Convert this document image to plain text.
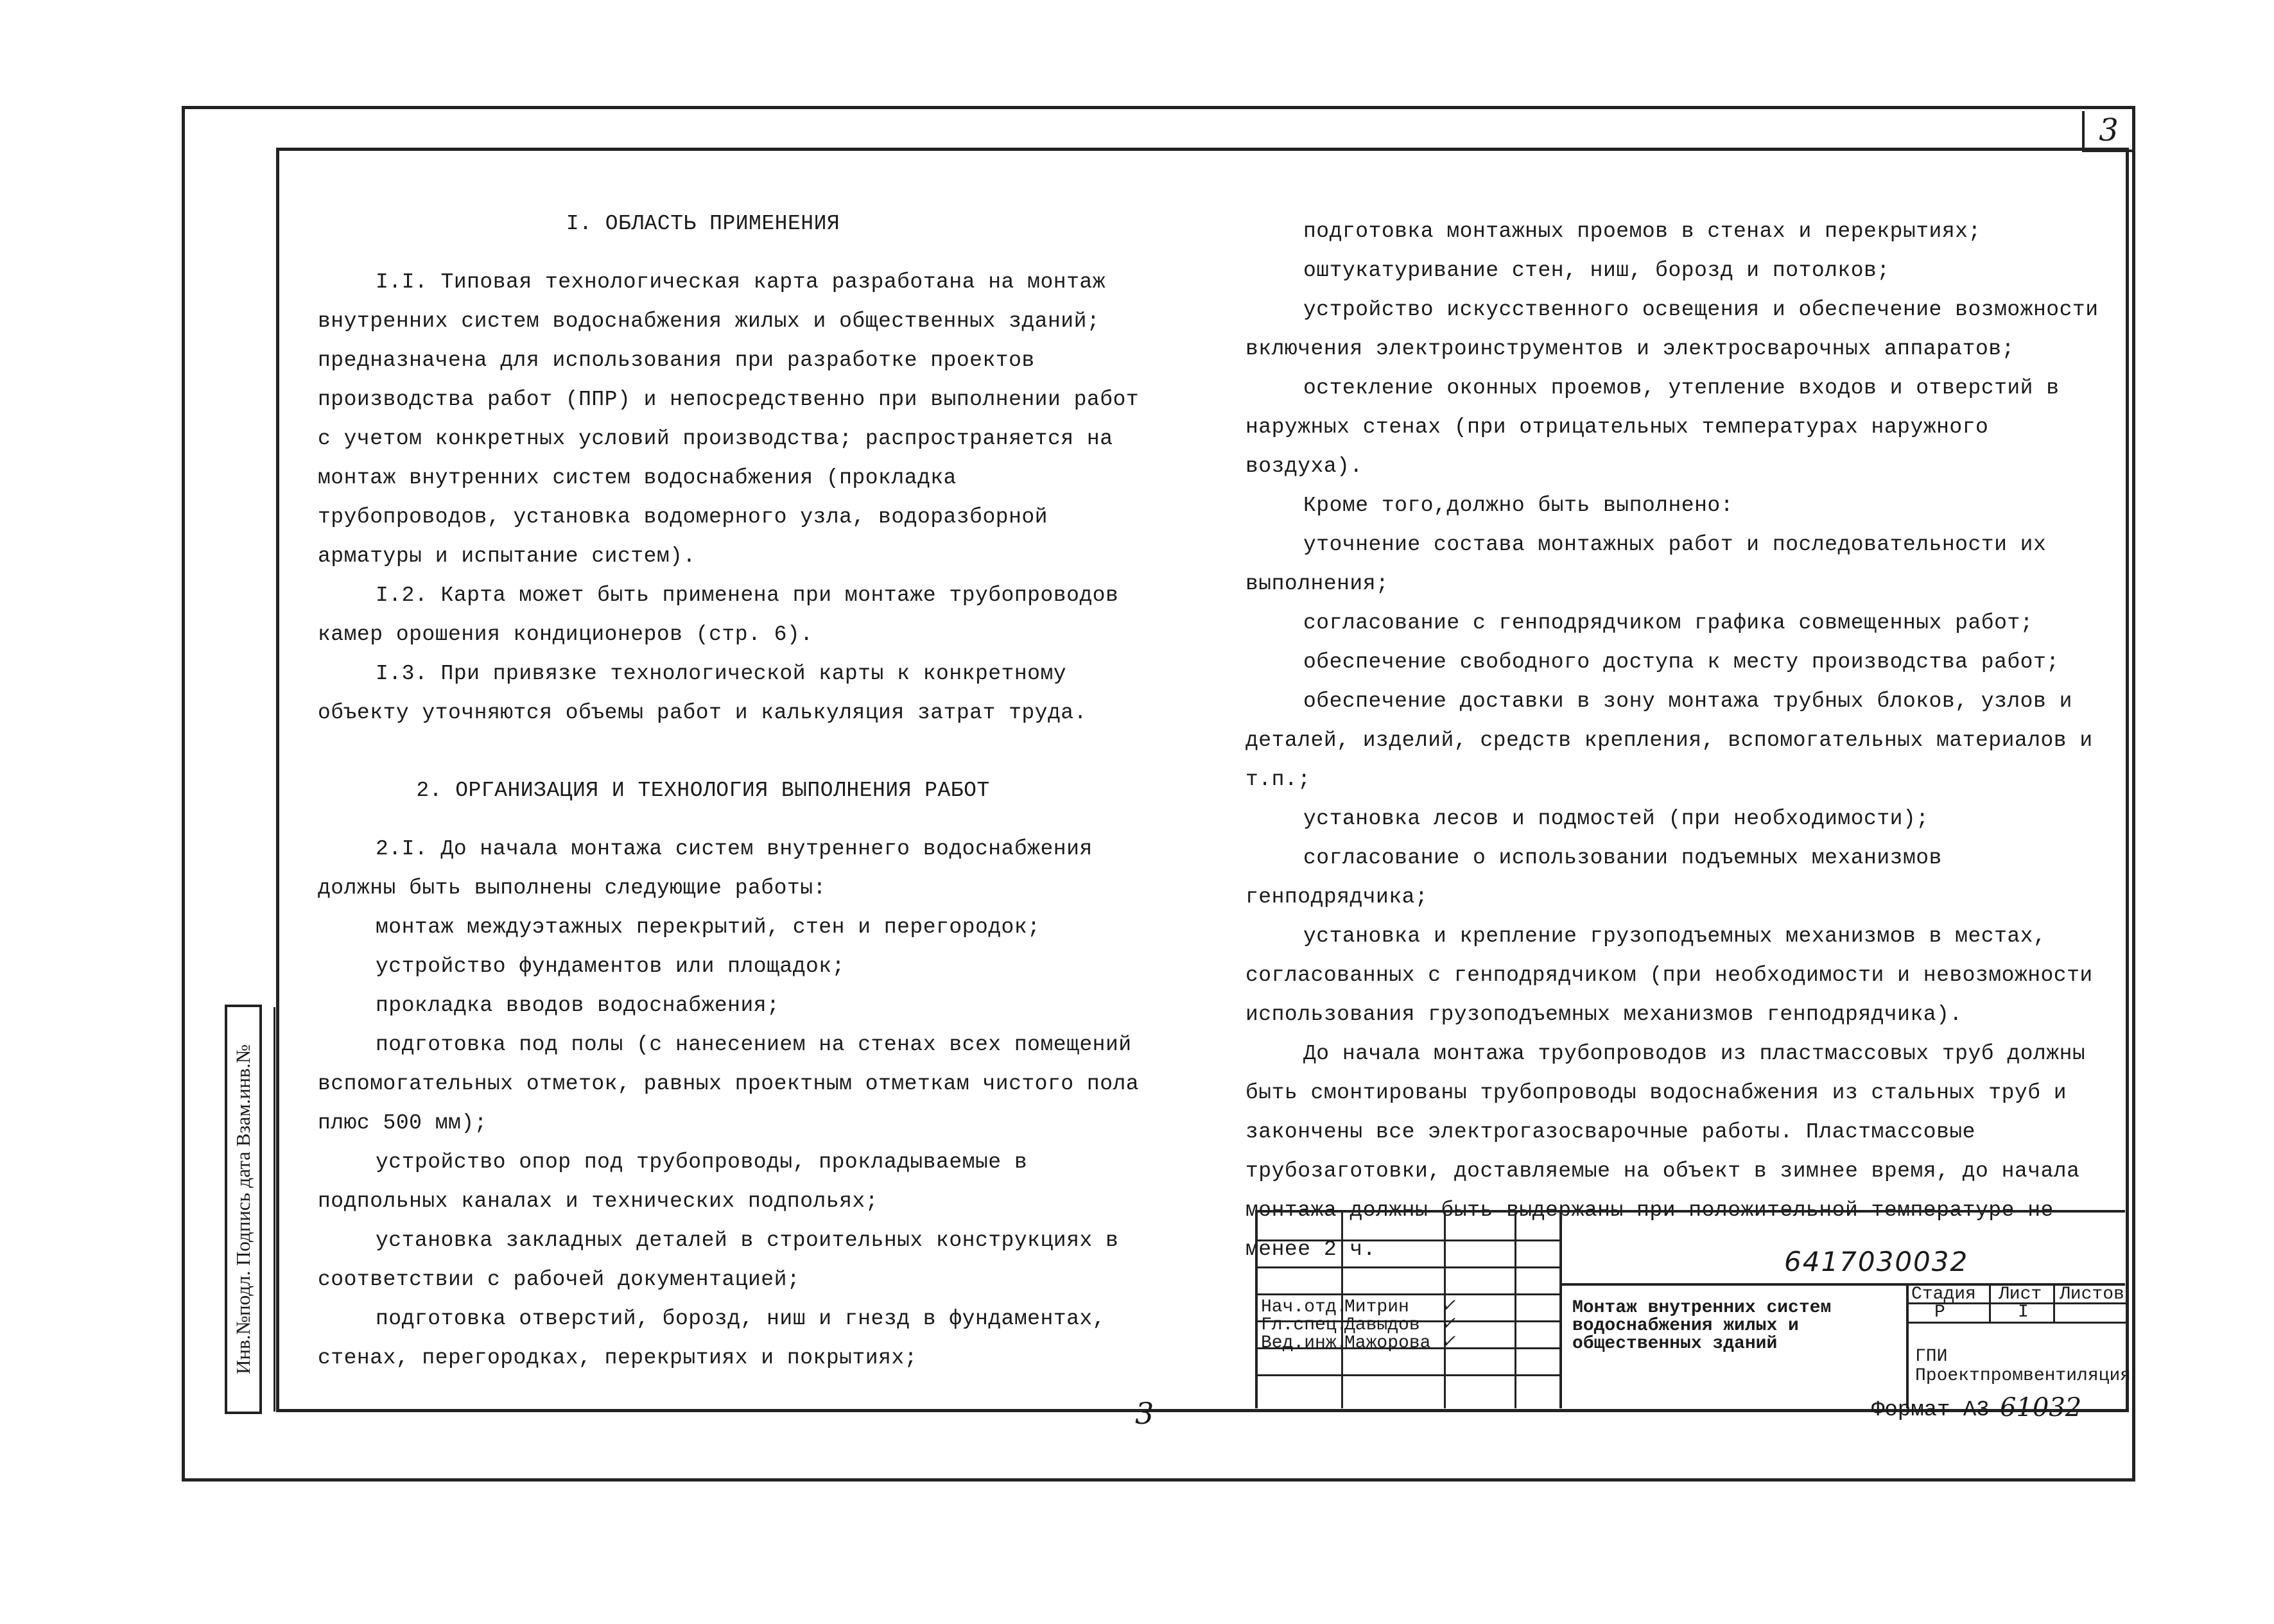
3

I. ОБЛАСТЬ ПРИМЕНЕНИЯ

I.I. Типовая технологическая карта разработана на монтаж внутренних систем водоснабжения жилых и общественных зданий; предназначена для использования при разработке проектов производства работ (ППР) и непосредственно при выполнении работ с учетом конкретных условий производства; распространяется на монтаж внутренних систем водоснабжения (прокладка трубопроводов, установка водомерного узла, водоразборной арматуры и испытание систем).

I.2. Карта может быть применена при монтаже трубопроводов камер орошения кондиционеров (стр. 6).

I.3. При привязке технологической карты к конкретному объекту уточняются объемы работ и калькуляция затрат труда.

2. ОРГАНИЗАЦИЯ И ТЕХНОЛОГИЯ ВЫПОЛНЕНИЯ РАБОТ

2.I. До начала монтажа систем внутреннего водоснабжения должны быть выполнены следующие работы:

монтаж междуэтажных перекрытий, стен и перегородок;

устройство фундаментов или площадок;

прокладка вводов водоснабжения;

подготовка под полы (с нанесением на стенах всех помещений вспомогательных отметок, равных проектным отметкам чистого пола плюс 500 мм);

устройство опор под трубопроводы, прокладываемые в подпольных каналах и технических подпольях;

установка закладных деталей в строительных конструкциях в соответствии с рабочей документацией;

подготовка отверстий, борозд, ниш и гнезд в фундаментах, стенах, перегородках, перекрытиях и покрытиях;

подготовка монтажных проемов в стенах и перекрытиях;

оштукатуривание стен, ниш, борозд и потолков;

устройство искусственного освещения и обеспечение возможности включения электроинструментов и электросварочных аппаратов;

остекление оконных проемов, утепление входов и отверстий в наружных стенах (при отрицательных температурах наружного воздуха).

Кроме того,должно быть выполнено:

уточнение состава монтажных работ и последовательности их выполнения;

согласование с генподрядчиком графика совмещенных работ;

обеспечение свободного доступа к месту производства работ;

обеспечение доставки в зону монтажа трубных блоков, узлов и деталей, изделий, средств крепления, вспомогательных материалов и т.п.;

установка лесов и подмостей (при необходимости);

согласование о использовании подъемных механизмов генподрядчика;

установка и крепление грузоподъемных механизмов в местах, согласованных с генподрядчиком (при необходимости и невозможности использования грузоподъемных механизмов генподрядчика).

До начала монтажа трубопроводов из пластмассовых труб должны быть смонтированы трубопроводы водоснабжения из стальных труб и закончены все электрогазосварочные работы. Пластмассовые трубозаготовки, доставляемые на объект в зимнее время, до начала монтажа должны быть выдержаны при положительной температуре не менее 2 ч.

Инв.№подл. Подпись дата Взам.инв.№	Нач.отд.Митрин ✓
Гл.спец.Давыдов ✓
Вед.инж.Мажорова ✓
6417030032
Монтаж внутренних систем водоснабжения жилых и общественных зданий
Стадия Лист Листов
Р	I
ГПИ Проектпромвентиляция
3	Формат А3 61032
